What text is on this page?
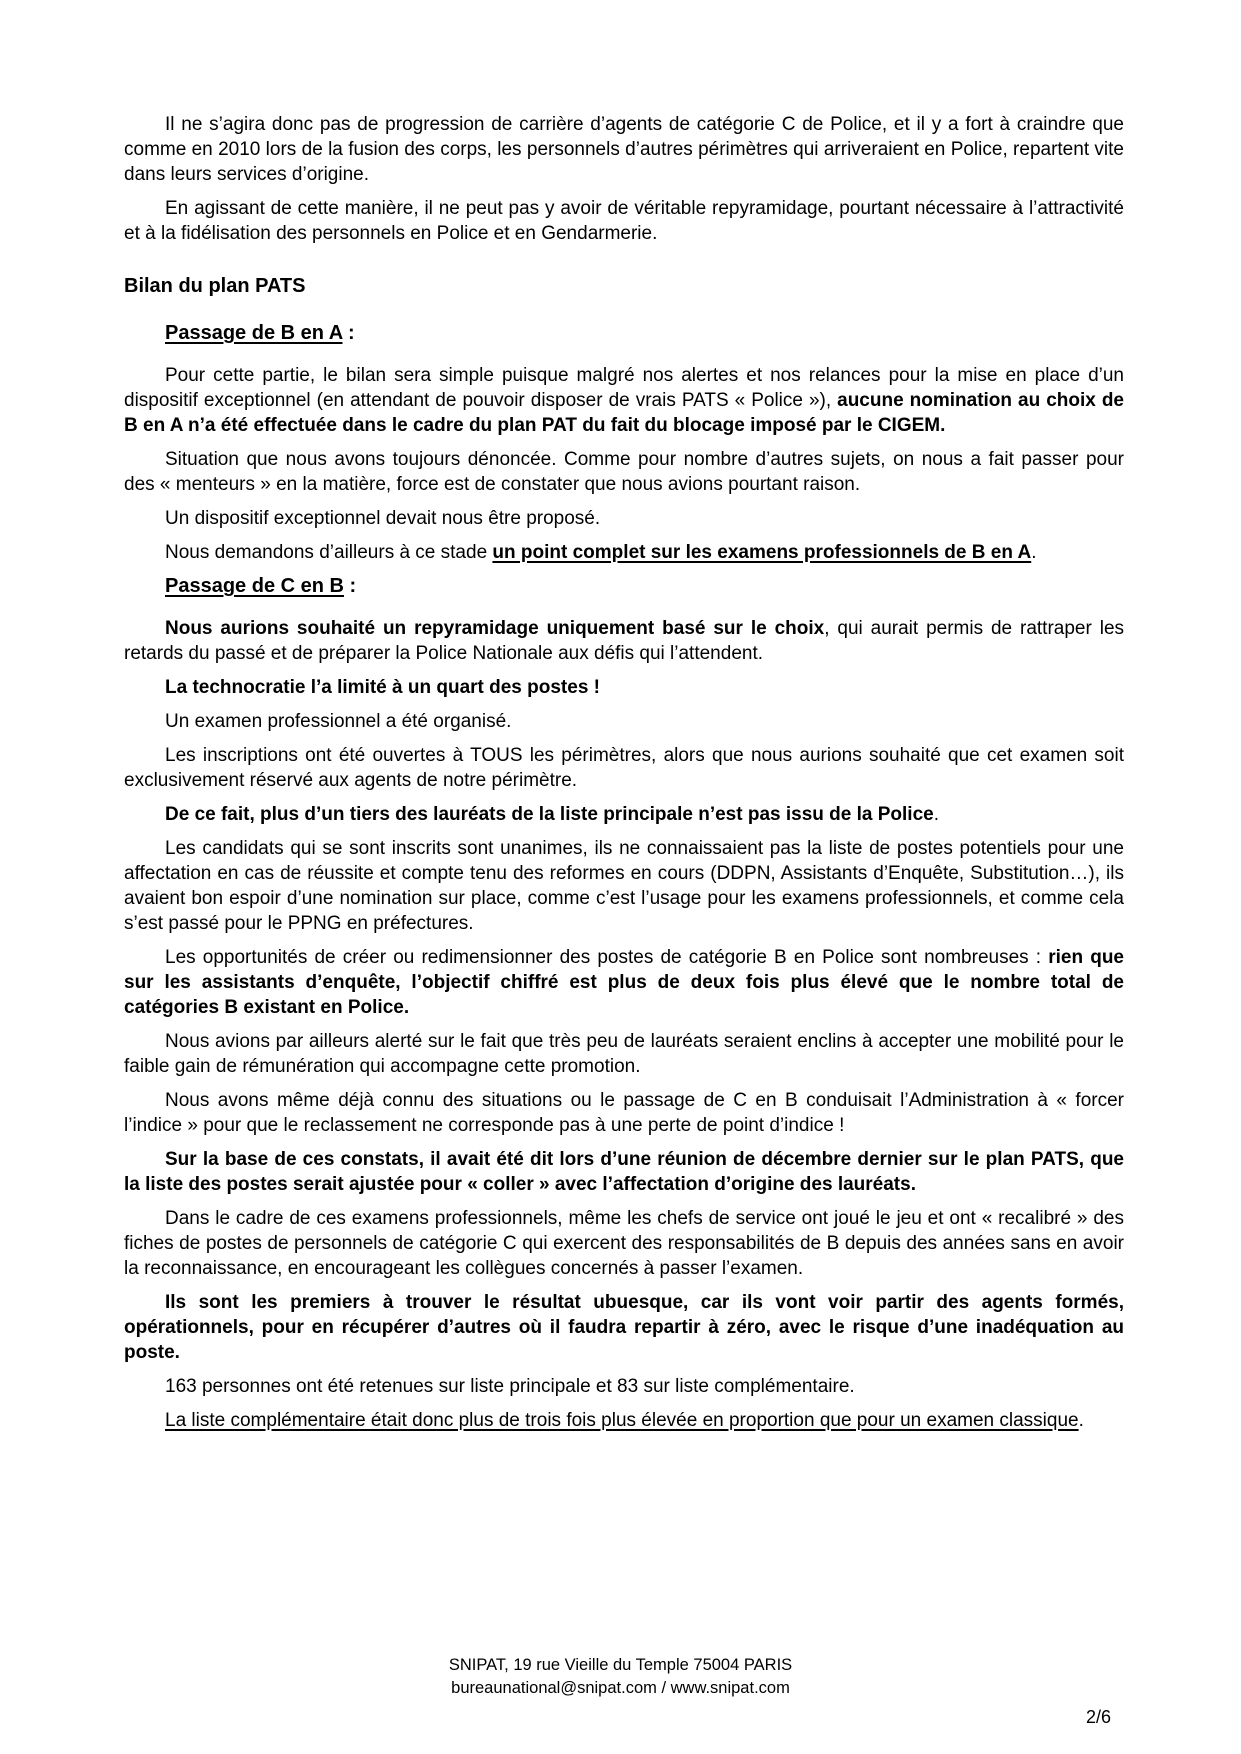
Il ne s’agira donc pas de progression de carrière d’agents de catégorie C de Police, et il y a fort à craindre que comme en 2010 lors de la fusion des corps, les personnels d’autres périmètres qui arriveraient en Police, repartent vite dans leurs services d’origine.

En agissant de cette manière, il ne peut pas y avoir de véritable repyramidage, pourtant nécessaire à l’attractivité et à la fidélisation des personnels en Police et en Gendarmerie.

Bilan du plan PATS

Passage de B en A :

Pour cette partie, le bilan sera simple puisque malgré nos alertes et nos relances pour la mise en place d’un dispositif exceptionnel (en attendant de pouvoir disposer de vrais PATS « Police »), aucune nomination au choix de B en A n’a été effectuée dans le cadre du plan PAT du fait du blocage imposé par le CIGEM.

Situation que nous avons toujours dénoncée. Comme pour nombre d’autres sujets, on nous a fait passer pour des « menteurs » en la matière, force est de constater que nous avions pourtant raison.

Un dispositif exceptionnel devait nous être proposé.

Nous demandons d’ailleurs à ce stade un point complet sur les examens professionnels de B en A.

Passage de C en B :

Nous aurions souhaité un repyramidage uniquement basé sur le choix, qui aurait permis de rattraper les retards du passé et de préparer la Police Nationale aux défis qui l’attendent.

La technocratie l’a limité à un quart des postes !

Un examen professionnel a été organisé.

Les inscriptions ont été ouvertes à TOUS les périmètres, alors que nous aurions souhaité que cet examen soit exclusivement réservé aux agents de notre périmètre.

De ce fait, plus d’un tiers des lauréats de la liste principale n’est pas issu de la Police.

Les candidats qui se sont inscrits sont unanimes, ils ne connaissaient pas la liste de postes potentiels pour une affectation en cas de réussite et compte tenu des reformes en cours (DDPN, Assistants d’Enquête, Substitution…), ils avaient bon espoir d’une nomination sur place, comme c’est l’usage pour les examens professionnels, et comme cela s’est passé pour le PPNG en préfectures.

Les opportunités de créer ou redimensionner des postes de catégorie B en Police sont nombreuses : rien que sur les assistants d’enquête, l’objectif chiffré est plus de deux fois plus élevé que le nombre total de catégories B existant en Police.

Nous avions par ailleurs alerté sur le fait que très peu de lauréats seraient enclins à accepter une mobilité pour le faible gain de rémunération qui accompagne cette promotion.

Nous avons même déjà connu des situations ou le passage de C en B conduisait l’Administration à « forcer l’indice » pour que le reclassement ne corresponde pas à une perte de point d’indice !

Sur la base de ces constats, il avait été dit lors d’une réunion de décembre dernier sur le plan PATS, que la liste des postes serait ajustée pour « coller » avec l’affectation d’origine des lauréats.

Dans le cadre de ces examens professionnels, même les chefs de service ont joué le jeu et ont « recalibré » des fiches de postes de personnels de catégorie C qui exercent des responsabilités de B depuis des années sans en avoir la reconnaissance, en encourageant les collègues concernés à passer l’examen.

Ils sont les premiers à trouver le résultat ubuesque, car ils vont voir partir des agents formés, opérationnels, pour en récupérer d’autres où il faudra repartir à zéro, avec le risque d’une inadéquation au poste.

163 personnes ont été retenues sur liste principale et 83 sur liste complémentaire.

La liste complémentaire était donc plus de trois fois plus élevée en proportion que pour un examen classique.

SNIPAT, 19 rue Vieille du Temple 75004 PARIS
bureaunational@snipat.com / www.snipat.com
2/6
